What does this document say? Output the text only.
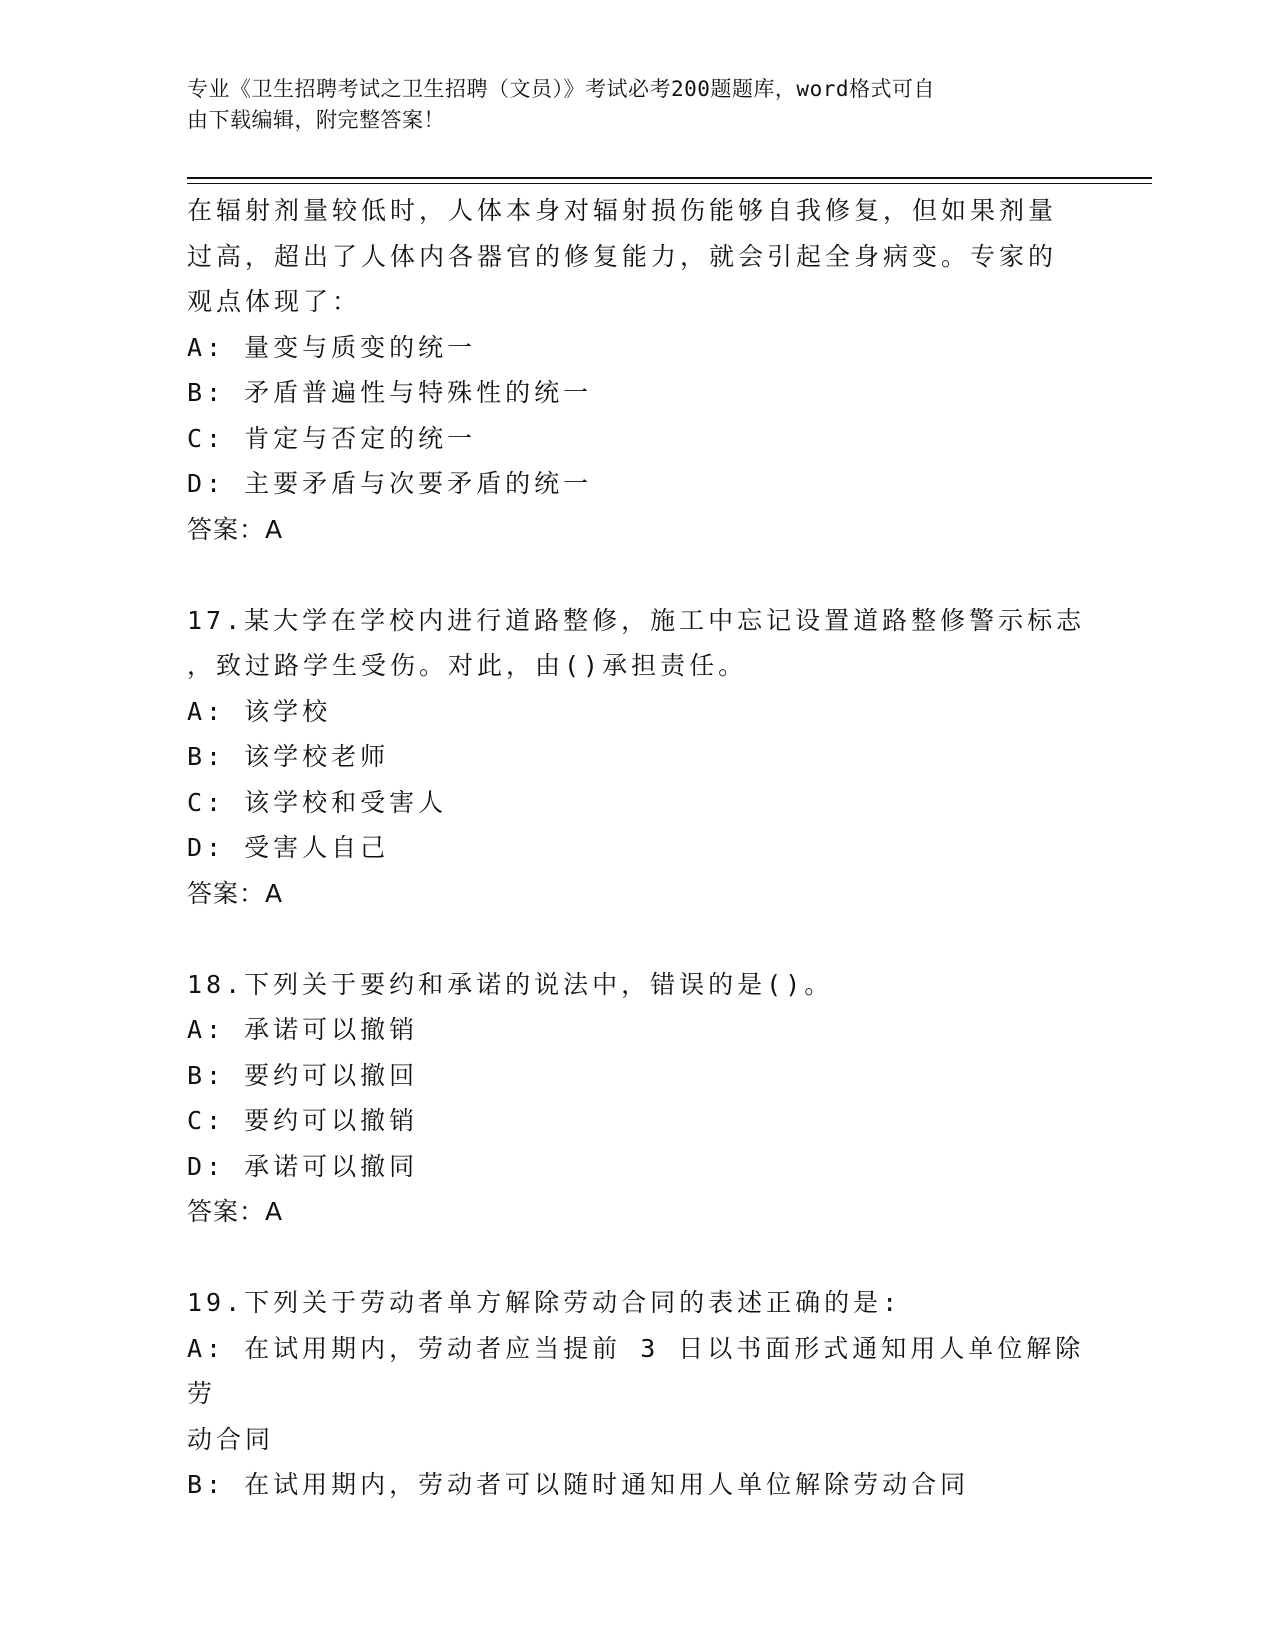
专业《卫生招聘考试之卫生招聘（文员）》考试必考200题题库，word格式可自
由下载编辑，附完整答案！
在辐射剂量较低时，人体本身对辐射损伤能够自我修复，但如果剂量
过高，超出了人体内各器官的修复能力，就会引起全身病变。专家的
观点体现了：
A: 量变与质变的统一
B: 矛盾普遍性与特殊性的统一
C: 肯定与否定的统一
D: 主要矛盾与次要矛盾的统一
答案：A
17.某大学在学校内进行道路整修，施工中忘记设置道路整修警示标志
，致过路学生受伤。对此，由()承担责任。
A: 该学校
B: 该学校老师
C: 该学校和受害人
D: 受害人自己
答案：A
18.下列关于要约和承诺的说法中，错误的是()。
A: 承诺可以撤销
B: 要约可以撤回
C: 要约可以撤销
D: 承诺可以撤同
答案：A
19.下列关于劳动者单方解除劳动合同的表述正确的是:
A: 在试用期内，劳动者应当提前 3 日以书面形式通知用人单位解除劳
动合同
B: 在试用期内，劳动者可以随时通知用人单位解除劳动合同
